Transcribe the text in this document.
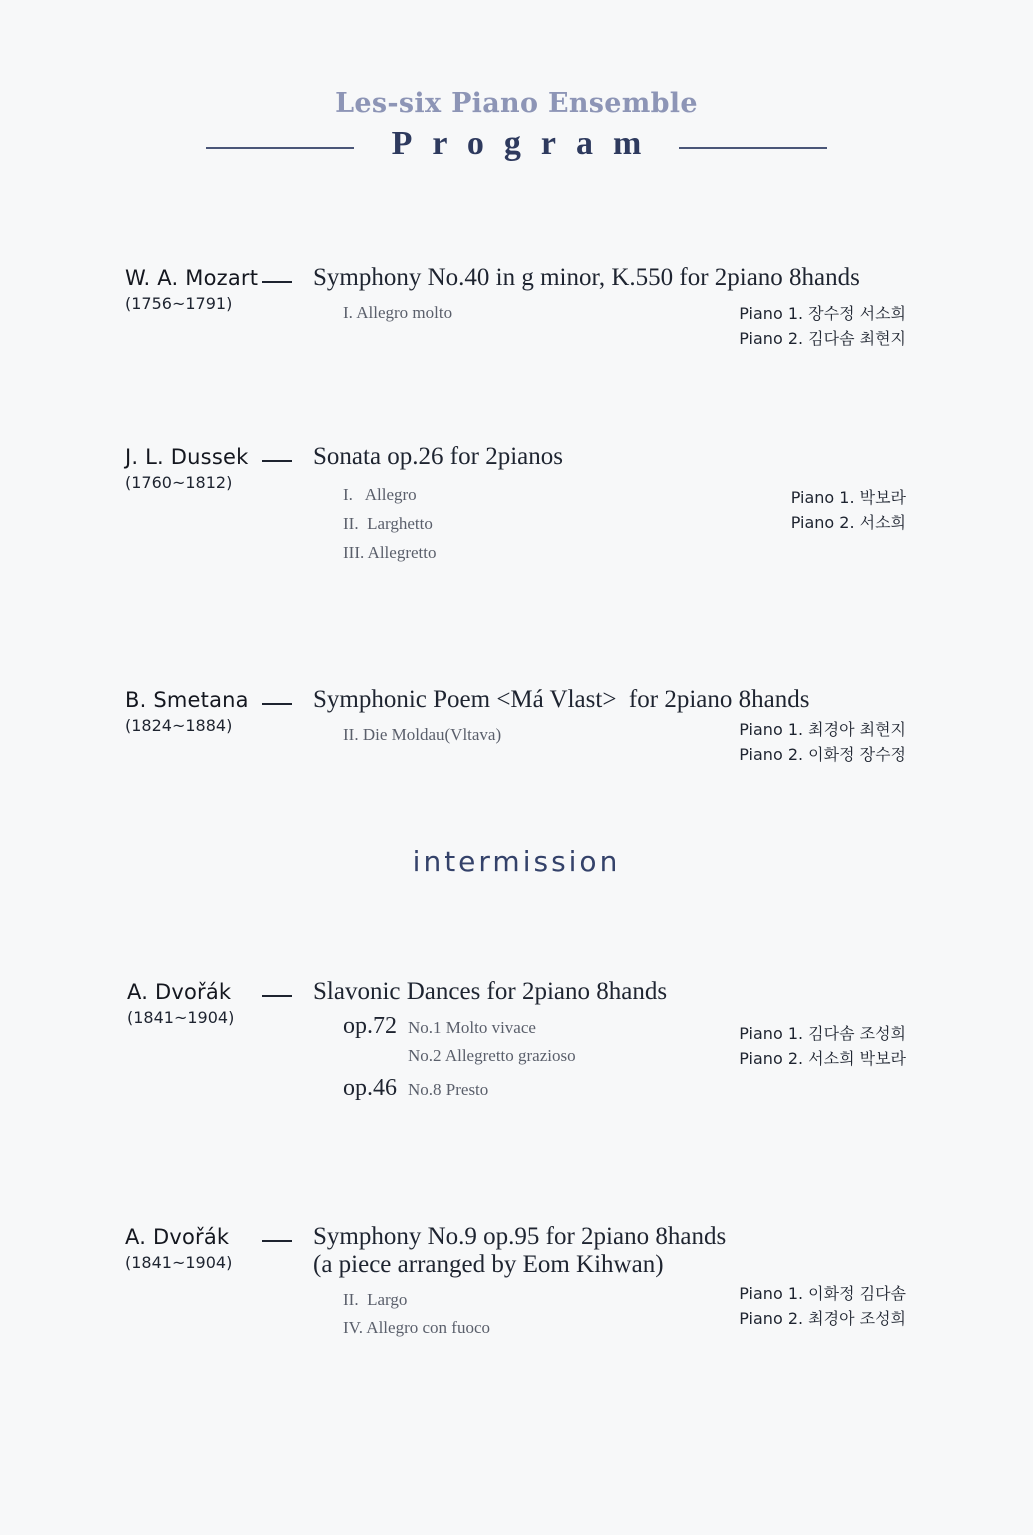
Les-six Piano Ensemble
Program
W. A. Mozart
(1756~1791)
Symphony No.40 in g minor, K.550 for 2piano 8hands
I. Allegro molto	Piano 1. 장수정 서소희
Piano 2. 김다솜 최현지
J. L. Dussek
(1760~1812)
Sonata op.26 for 2pianos
I.   Allegro
II.  Larghetto
III. Allegretto
Piano 1. 박보라
Piano 2. 서소희
B. Smetana
(1824~1884)
Symphonic Poem <Má Vlast>  for 2piano 8hands
II. Die Moldau(Vltava)	Piano 1. 최경아 최현지
Piano 2. 이화정 장수정
intermission
A. Dvořák
(1841~1904)
Slavonic Dances for 2piano 8hands
op.72 No.1 Molto vivace
No.2 Allegretto grazioso
op.46 No.8 Presto
Piano 1. 김다솜 조성희
Piano 2. 서소희 박보라
A. Dvořák
(1841~1904)
Symphony No.9 op.95 for 2piano 8hands
(a piece arranged by Eom Kihwan)
II.  Largo
IV. Allegro con fuoco
Piano 1. 이화정 김다솜
Piano 2. 최경아 조성희
